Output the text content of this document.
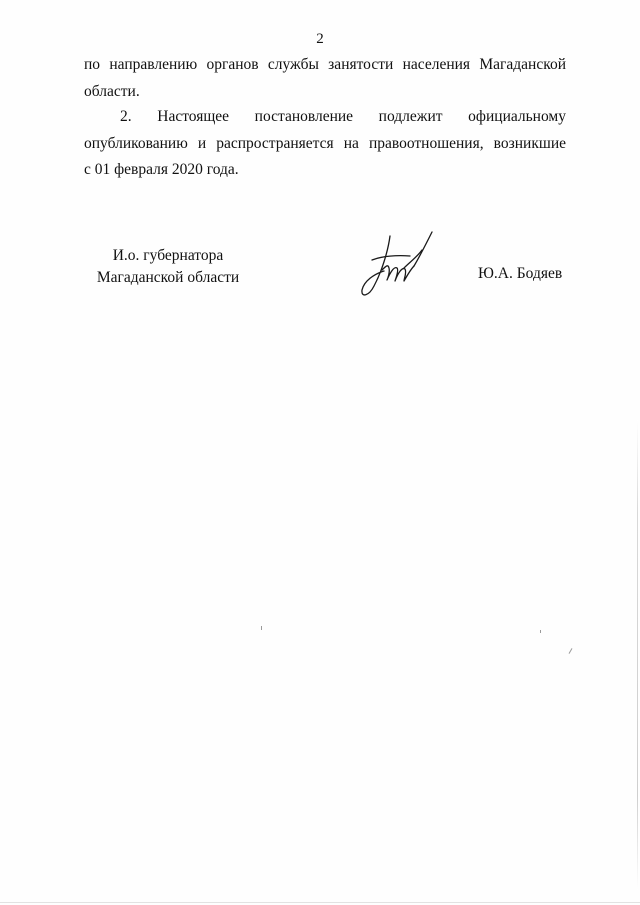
2
по направлению органов службы занятости населения Магаданской
области.
2. Настоящее постановление подлежит официальному
опубликованию и распространяется на правоотношения, возникшие
с 01 февраля 2020 года.
И.о. губернатора
Магаданской области	Ю.А. Бодяев
